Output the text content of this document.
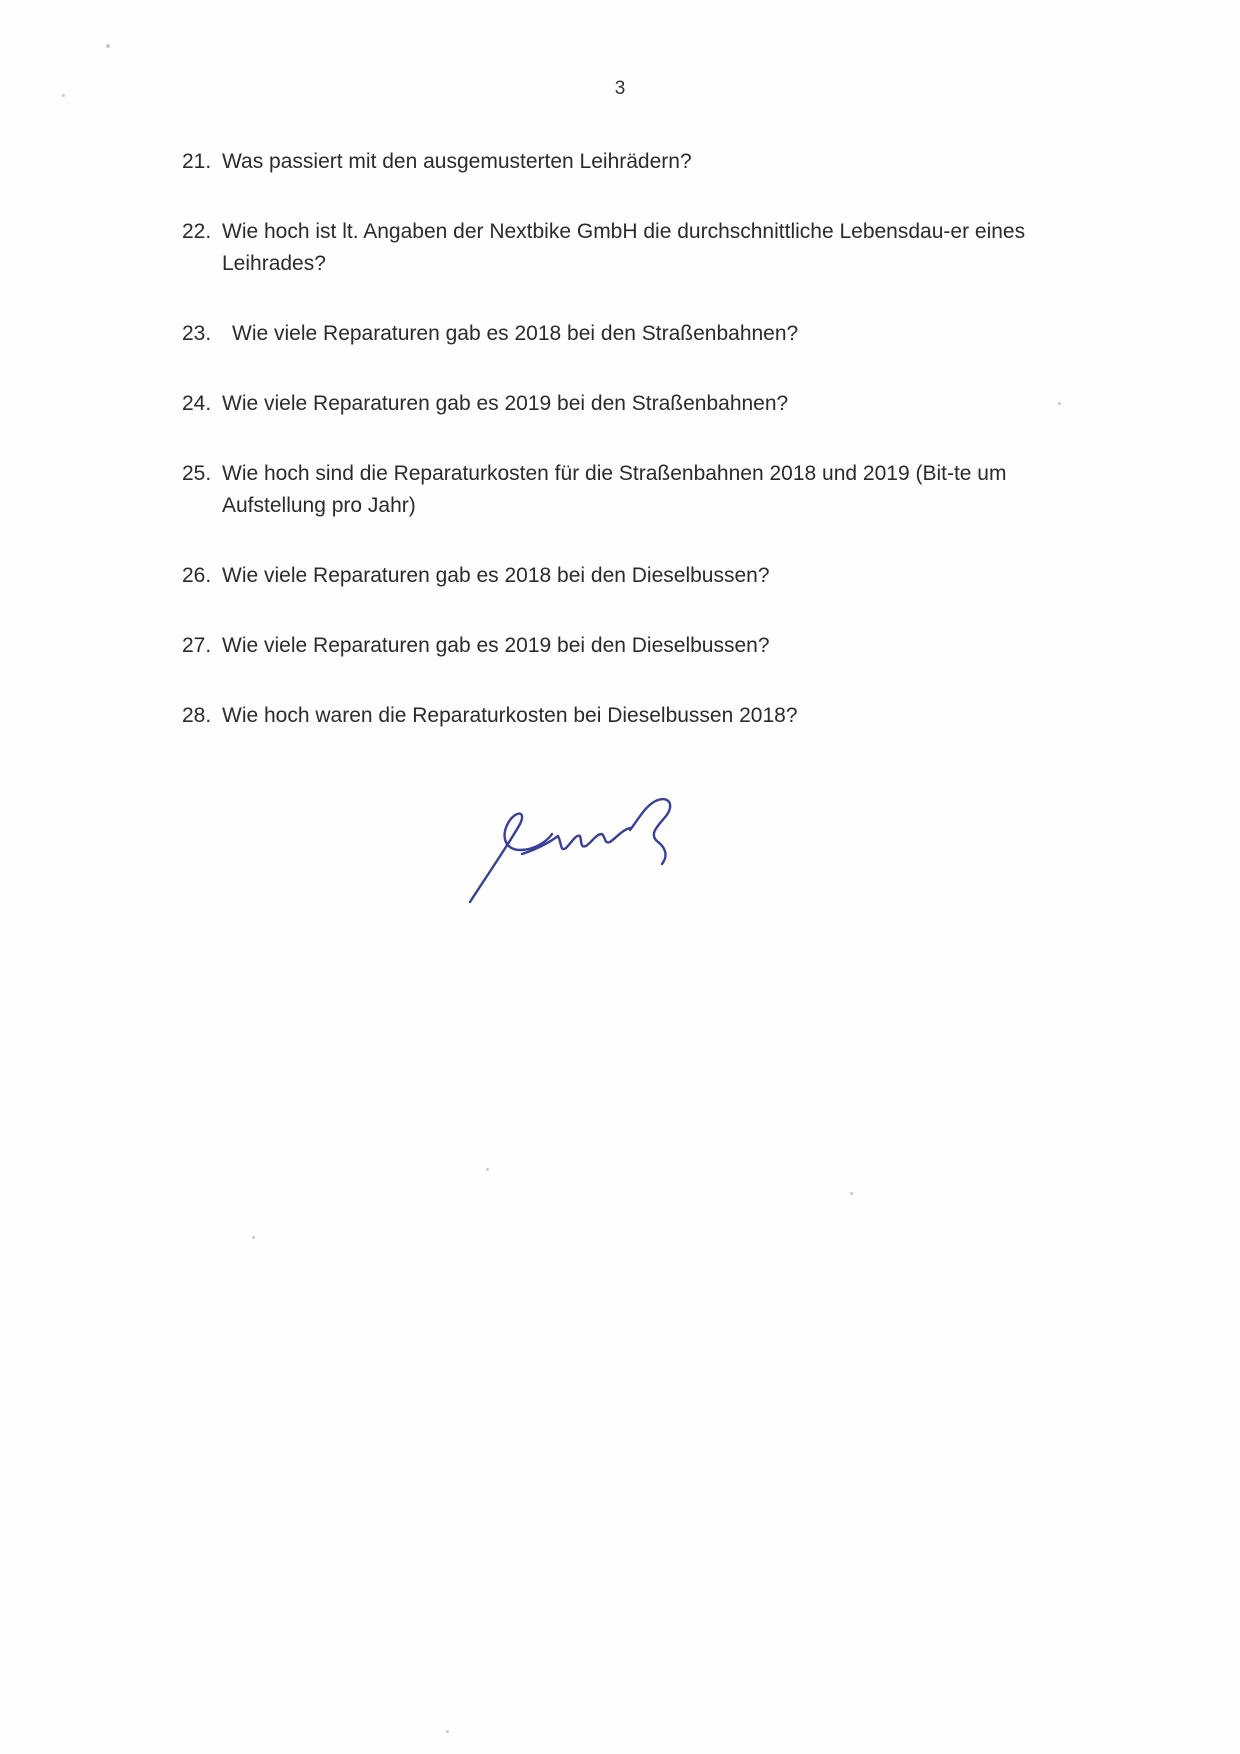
3
21. Was passiert mit den ausgemusterten Leihrädern?
22. Wie hoch ist lt. Angaben der Nextbike GmbH die durchschnittliche Lebensdau-er eines Leihrades?
23. Wie viele Reparaturen gab es 2018 bei den Straßenbahnen?
24. Wie viele Reparaturen gab es 2019 bei den Straßenbahnen?
25. Wie hoch sind die Reparaturkosten für die Straßenbahnen 2018 und 2019 (Bit-te um Aufstellung pro Jahr)
26. Wie viele Reparaturen gab es 2018 bei den Dieselbussen?
27. Wie viele Reparaturen gab es 2019 bei den Dieselbussen?
28. Wie hoch waren die Reparaturkosten bei Dieselbussen 2018?
